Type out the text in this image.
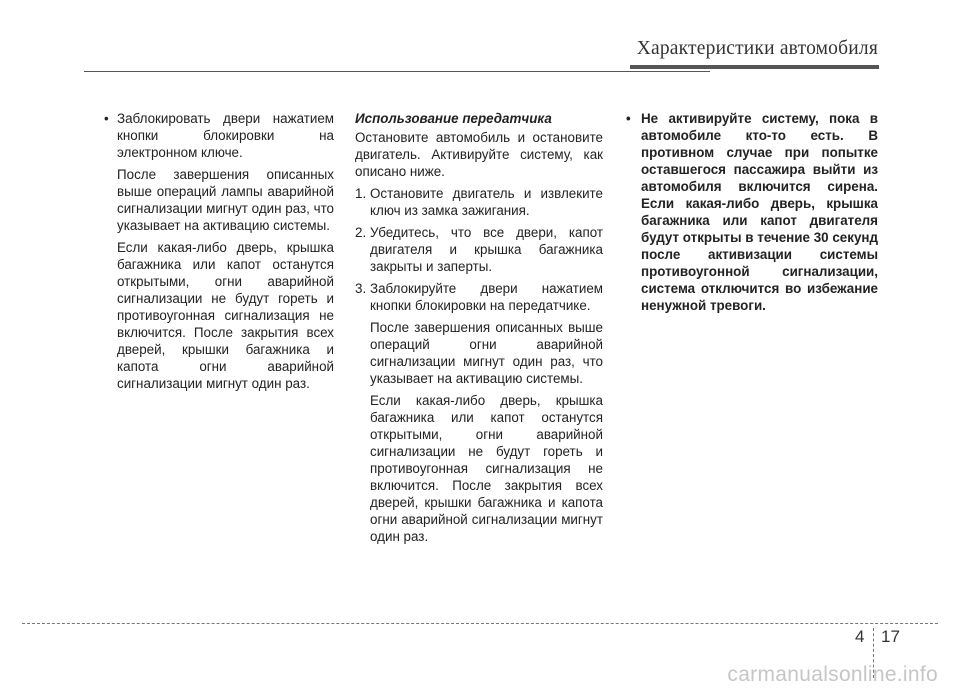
Характеристики автомобиля

• Заблокировать двери нажатием кнопки блокировки на электронном ключе.

После завершения описанных выше операций лампы аварийной сигнализации мигнут один раз, что указывает на активацию системы.

Если какая-либо дверь, крышка багажника или капот останутся открытыми, огни аварийной сигнализации не будут гореть и противоугонная сигнализация не включится. После закрытия всех дверей, крышки багажника и капота огни аварийной сигнализации мигнут один раз.

Использование передатчика

Остановите автомобиль и остановите двигатель. Активируйте систему, как описано ниже.

1. Остановите двигатель и извлеките ключ из замка зажигания.

2. Убедитесь, что все двери, капот двигателя и крышка багажника закрыты и заперты.

3. Заблокируйте двери нажатием кнопки блокировки на передатчике.

После завершения описанных выше операций огни аварийной сигнализации мигнут один раз, что указывает на активацию системы.

Если какая-либо дверь, крышка багажника или капот останутся открытыми, огни аварийной сигнализации не будут гореть и противоугонная сигнализация не включится. После закрытия всех дверей, крышки багажника и капота огни аварийной сигнализации мигнут один раз.

• Не активируйте систему, пока в автомобиле кто-то есть. В противном случае при попытке оставшегося пассажира выйти из автомобиля включится сирена. Если какая-либо дверь, крышка багажника или капот двигателя будут открыты в течение 30 секунд после активизации системы противоугонной сигнализации, система отключится во избежание ненужной тревоги.

4 17
carmanualsonline.info
